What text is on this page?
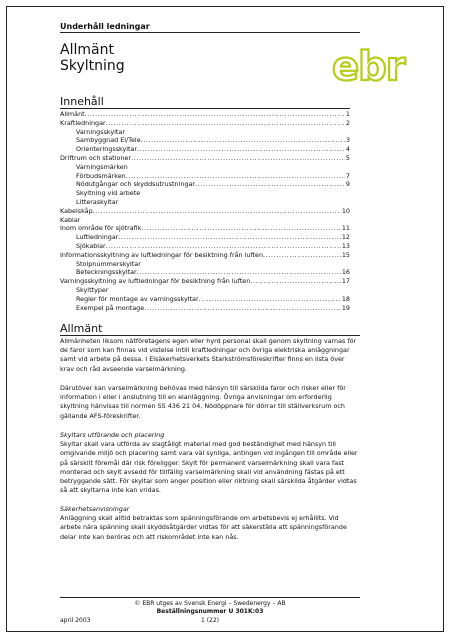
Underhåll ledningar
Allmänt
Skyltning	ebr
Innehåll
Allmänt .....	1
Kraftledningar .....	2
Varningsskyltar
Sambyggnad El/Tele .....	3
Orienteringsskyltar .....	4
Driftrum och stationer .....	5
Varningsmärken
Förbudsmärken .....	7
Nödutgångar och skyddsutrustningar .....	9
Skyltning vid arbete
Litteraskyltar
Kabelskåp .....	10
Kablar
Inom område för sjötrafik .....	11
Luftledningar .....	12
Sjökablar .....	13
Informationsskyltning av luftledningar för besiktning från luften .....	15
Stolpnummerskyltar
Beteckningsskyltar .....	16
Varningsskyltning av luftledningar för besiktning från luften .....	17
Skylttyper
Regler för montage av varningsskyltar .....	18
Exempel på montage .....	19
Allmänt

Allmänheten liksom nätföretagens egen eller hyrd personal skall genom skyltning varnas för de faror som kan finnas vid vistelse intill kraftledningar och övriga elektriska anläggningar samt vid arbete på dessa. I Elsäkerhetsverkets Starkströmsföreskrifter finns en lista över krav och råd avseende varselmärkning.

Därutöver kan varselmärkning behövas med hänsyn till särskilda faror och risker eller för information i eller i anslutning till en elanläggning. Övriga anvisningar om erforderlig skyltning hänvisas till normen SS 436 21 04, Nödöppnare för dörrar till ställverksrum och gällande AFS-föreskrifter.

Skyltars utförande och placering

Skyltar skall vara utförda av slagtåligt material med god beständighet med hänsyn till omgivande miljö och placering samt vara väl synliga, antingen vid ingången till område eller på särskilt föremål där risk föreligger. Skylt för permanent varselmärkning skall vara fast monterad och skylt avsedd för tillfällig varselmärkning skall vid användning fästas på ett betryggande sätt. För skyltar som anger position eller riktning skall särskilda åtgärder vidtas så att skyltarna inte kan vridas.

Säkerhetsanvisningar

Anläggning skall alltid betraktas som spänningsförande om arbetsbevis ej erhållits. Vid arbete nära spänning skall skyddsåtgärder vidtas för att säkerställa att spänningsförande delar inte kan beröras och att riskområdet inte kan nås.

© EBR utges av Svensk Energi – Swedenergy – AB
Beställningsnummer U 301K:03
april 2003	1 (22)
